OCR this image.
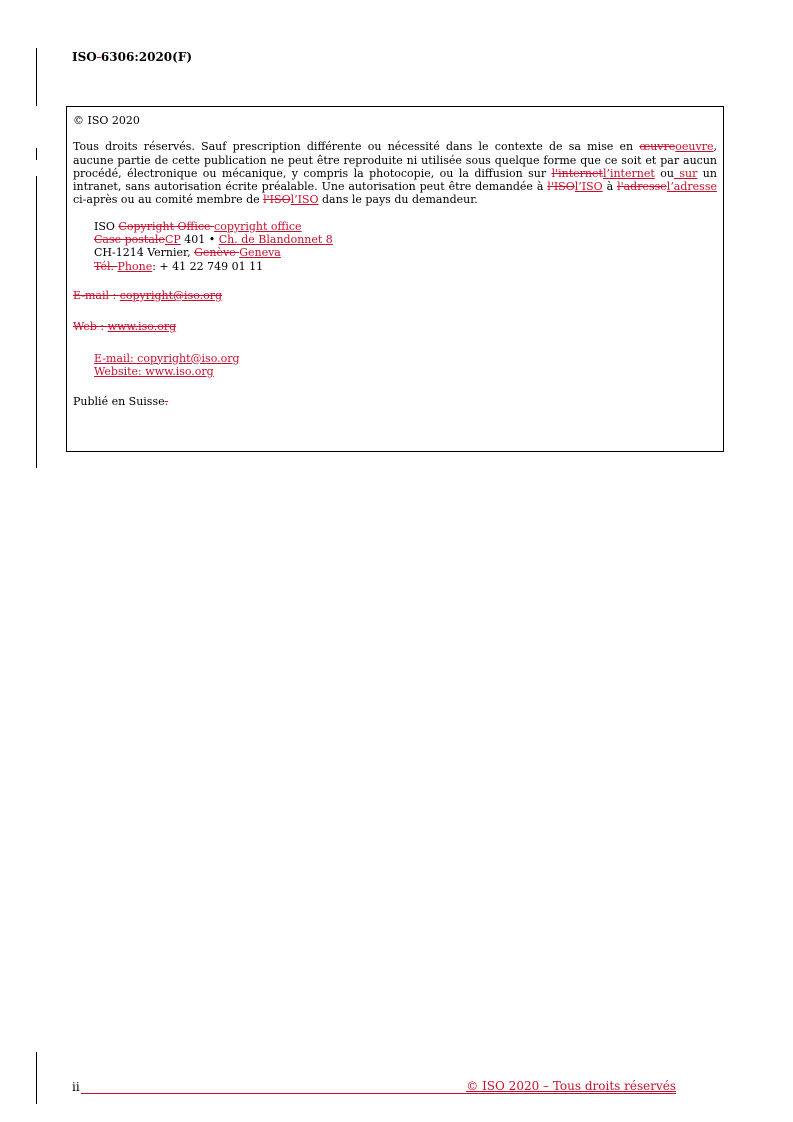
ISO 6306:2020(F)

© ISO 2020

Tous droits réservés. Sauf prescription différente ou nécessité dans le contexte de sa mise en œuvreoeuvre, aucune partie de cette publication ne peut être reproduite ni utilisée sous quelque forme que ce soit et par aucun procédé, électronique ou mécanique, y compris la photocopie, ou la diffusion sur l'internetl’internet ou sur un intranet, sans autorisation écrite préalable. Une autorisation peut être demandée à l'ISOl’ISO à l'adressel’adresse ci-après ou au comité membre de l'ISOl’ISO dans le pays du demandeur.

ISO Copyright Office copyright office
Case postaleCP 401 • Ch. de Blandonnet 8
CH-1214 Vernier, Genève Geneva
Tél. Phone: + 41 22 749 01 11

E-mail : copyright@iso.org

Web : www.iso.org

E-mail: copyright@iso.org
Website: www.iso.org

Publié en Suisse.

ii	© ISO 2020 – Tous droits réservés
